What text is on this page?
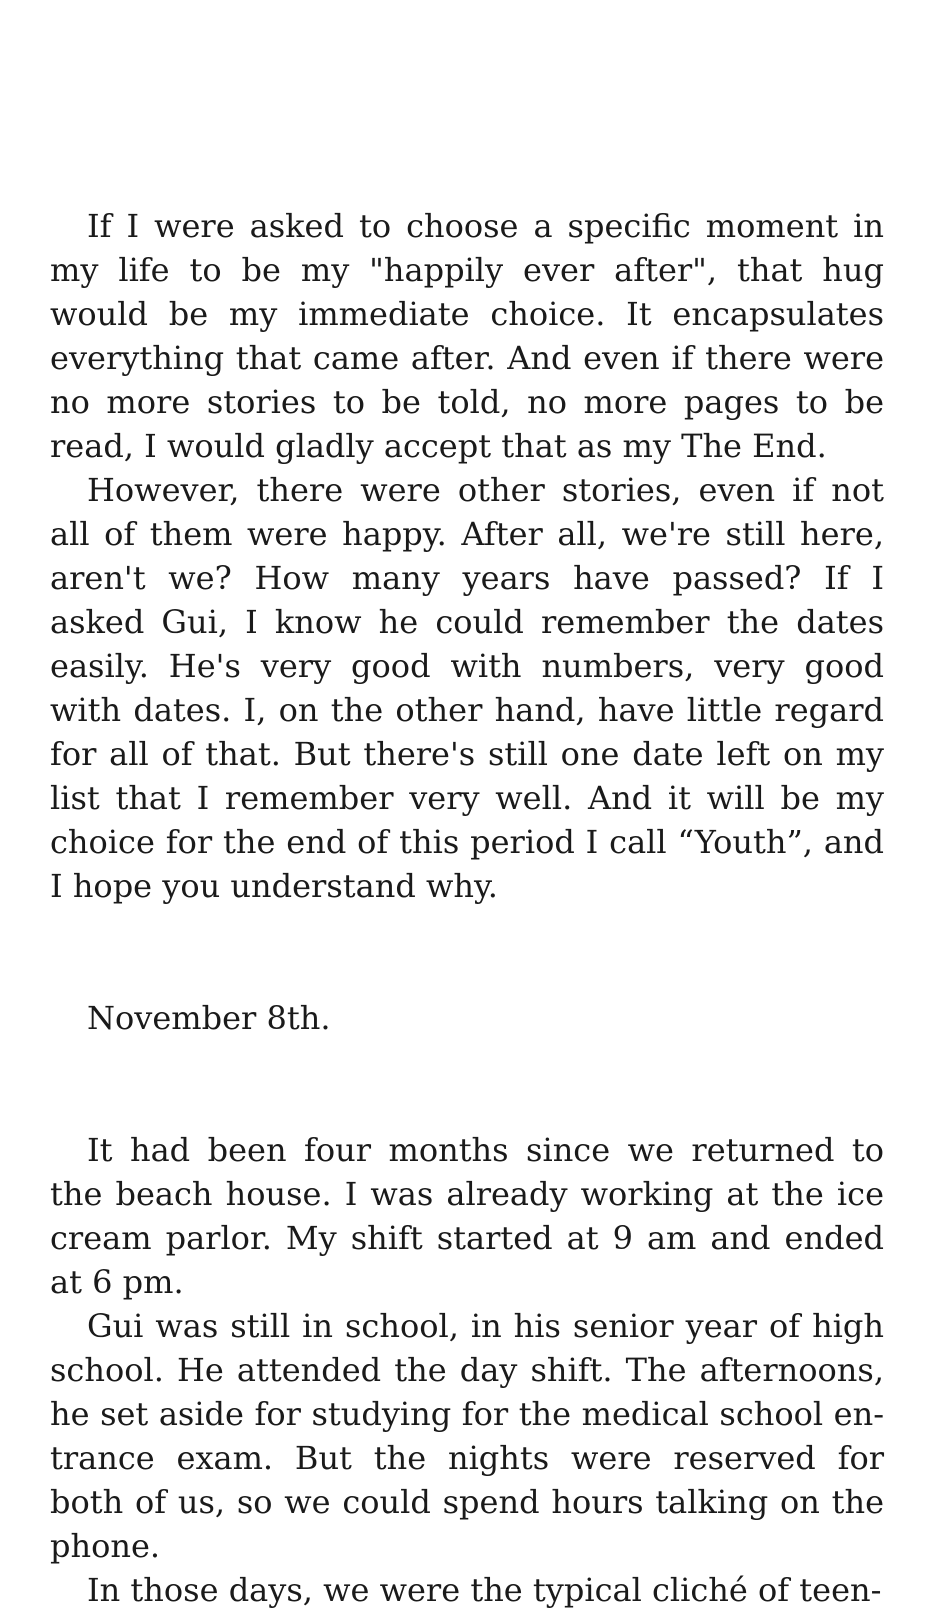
If I were asked to choose a specific moment in my life to be my "happily ever after", that hug would be my immediate choice. It encapsulates everything that came after. And even if there were no more stories to be told, no more pages to be read, I would gladly accept that as my The End.

However, there were other stories, even if not all of them were happy. After all, we're still here, aren't we? How many years have passed? If I asked Gui, I know he could remember the dates easily. He's very good with numbers, very good with dates. I, on the other hand, have little regard for all of that. But there's still one date left on my list that I remember very well. And it will be my choice for the end of this period I call “Youth”, and I hope you understand why.

November 8th.

It had been four months since we returned to the beach house. I was already working at the ice cream parlor. My shift started at 9 am and ended at 6 pm.

Gui was still in school, in his senior year of high school. He attended the day shift. The afternoons, he set aside for studying for the medical school entrance exam. But the nights were reserved for both of us, so we could spend hours talking on the phone.

In those days, we were the typical cliché of teen-
